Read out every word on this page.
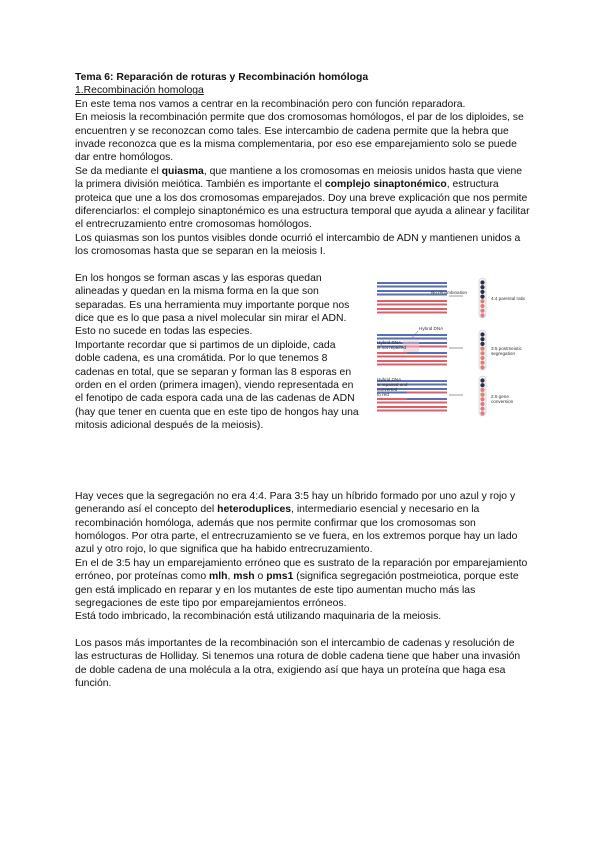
Tema 6: Reparación de roturas y Recombinación homóloga

1.Recombinación homologa

En este tema nos vamos a centrar en la recombinación pero con función reparadora.

En meiosis la recombinación permite que dos cromosomas homólogos, el par de los diploides, se encuentren y se reconozcan como tales. Ese intercambio de cadena permite que la hebra que invade reconozca que es la misma complementaria, por eso ese emparejamiento solo se puede dar entre homólogos.

Se da mediante el quiasma, que mantiene a los cromosomas en meiosis unidos hasta que viene la primera división meiótica. También es importante el complejo sinaptonémico, estructura proteica que une a los dos cromosomas emparejados. Doy una breve explicación que nos permite diferenciarlos: el complejo sinaptonémico es una estructura temporal que ayuda a alinear y facilitar el entrecruzamiento entre cromosomas homólogos.

Los quiasmas son los puntos visibles donde ocurrió el intercambio de ADN y mantienen unidos a los cromosomas hasta que se separan en la meiosis I.

En los hongos se forman ascas y las esporas quedan alineadas y quedan en la misma forma en la que son separadas. Es una herramienta muy importante porque nos dice que es lo que pasa a nivel molecular sin mirar el ADN. Esto no sucede en todas las especies.

Importante recordar que si partimos de un diploide, cada doble cadena, es una cromátida. Por lo que tenemos 8 cadenas en total, que se separan y forman las 8 esporas en orden en el orden (primera imagen), viendo representada en el fenotipo de cada espora cada una de las cadenas de ADN (hay que tener en cuenta que en este tipo de hongos hay una mitosis adicional después de la meiosis).

No recombination
4:4 parental ratio
Hybrid DNA
Hybrid DNA
is not repaired	3:5 postmeiotic
segregation
Hybrid DNA
is repaired and
converted
to red	2:6 gene
conversion

Hay veces que la segregación no era 4:4. Para 3:5 hay un híbrido formado por uno azul y rojo y generando así el concepto del heteroduplices, intermediario esencial y necesario en la recombinación homóloga, además que nos permite confirmar que los cromosomas son homólogos. Por otra parte, el entrecruzamiento se ve fuera, en los extremos porque hay un lado azul y otro rojo, lo que significa que ha habido entrecruzamiento.

En el de 3:5 hay un emparejamiento erróneo que es sustrato de la reparación por emparejamiento erróneo, por proteínas como mlh, msh o pms1 (significa segregación postmeiotica, porque este gen está implicado en reparar y en los mutantes de este tipo aumentan mucho más las segregaciones de este tipo por emparejamientos erróneos.

Está todo imbricado, la recombinación está utilizando maquinaria de la meiosis.

Los pasos más importantes de la recombinación son el intercambio de cadenas y resolución de las estructuras de Holliday. Si tenemos una rotura de doble cadena tiene que haber una invasión de doble cadena de una molécula a la otra, exigiendo así que haya un proteína que haga esa función.
